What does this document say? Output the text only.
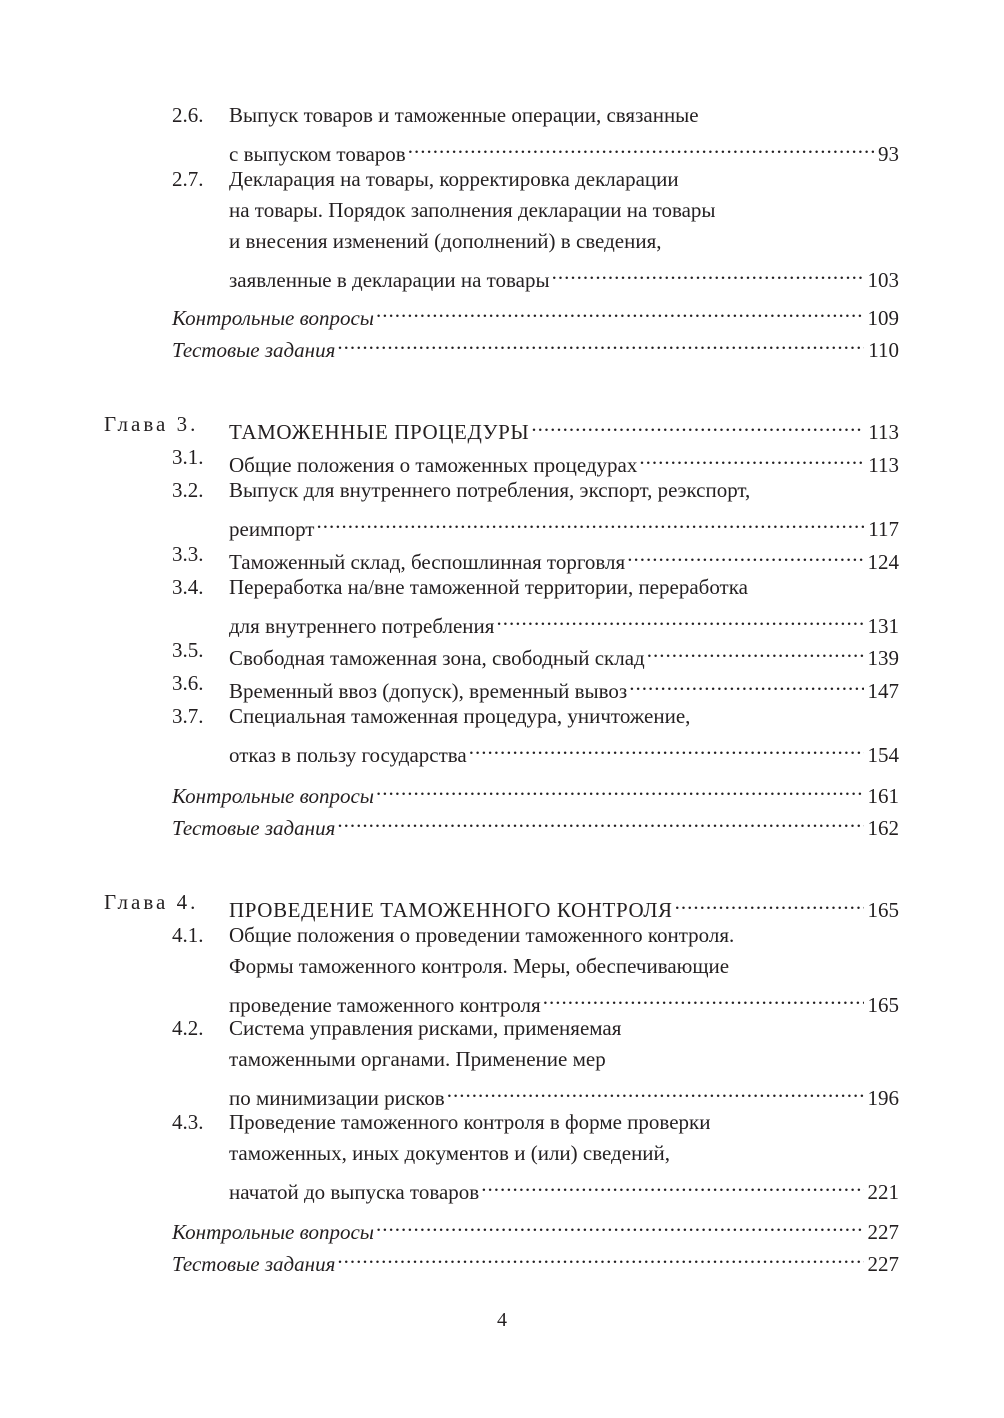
2.6.	Выпуск товаров и таможенные операции, связанные
с выпуском товаров .....	93
2.7.	Декларация на товары, корректировка декларации
на товары. Порядок заполнения декларации на товары
и внесения изменений (дополнений) в сведения,
заявленные в декларации на товары .....	103
Контрольные вопросы .....	109
Тестовые задания .....	110
Глава 3.	ТАМОЖЕННЫЕ ПРОЦЕДУРЫ .....	113
3.1.	Общие положения о таможенных процедурах .....	113
3.2.	Выпуск для внутреннего потребления, экспорт, реэкспорт,
реимпорт .....	117
3.3.	Таможенный склад, беспошлинная торговля .....	124
3.4.	Переработка на/вне таможенной территории, переработка
для внутреннего потребления .....	131
3.5.	Свободная таможенная зона, свободный склад .....	139
3.6.	Временный ввоз (допуск), временный вывоз .....	147
3.7.	Специальная таможенная процедура, уничтожение,
отказ в пользу государства .....	154
Контрольные вопросы .....	161
Тестовые задания .....	162
Глава 4.	ПРОВЕДЕНИЕ ТАМОЖЕННОГО КОНТРОЛЯ .....	165
4.1.	Общие положения о проведении таможенного контроля.
Формы таможенного контроля. Меры, обеспечивающие
проведение таможенного контроля .....	165
4.2.	Система управления рисками, применяемая
таможенными органами. Применение мер
по минимизации рисков .....	196
4.3.	Проведение таможенного контроля в форме проверки
таможенных, иных документов и (или) сведений,
начатой до выпуска товаров .....	221
Контрольные вопросы .....	227
Тестовые задания .....	227
4
